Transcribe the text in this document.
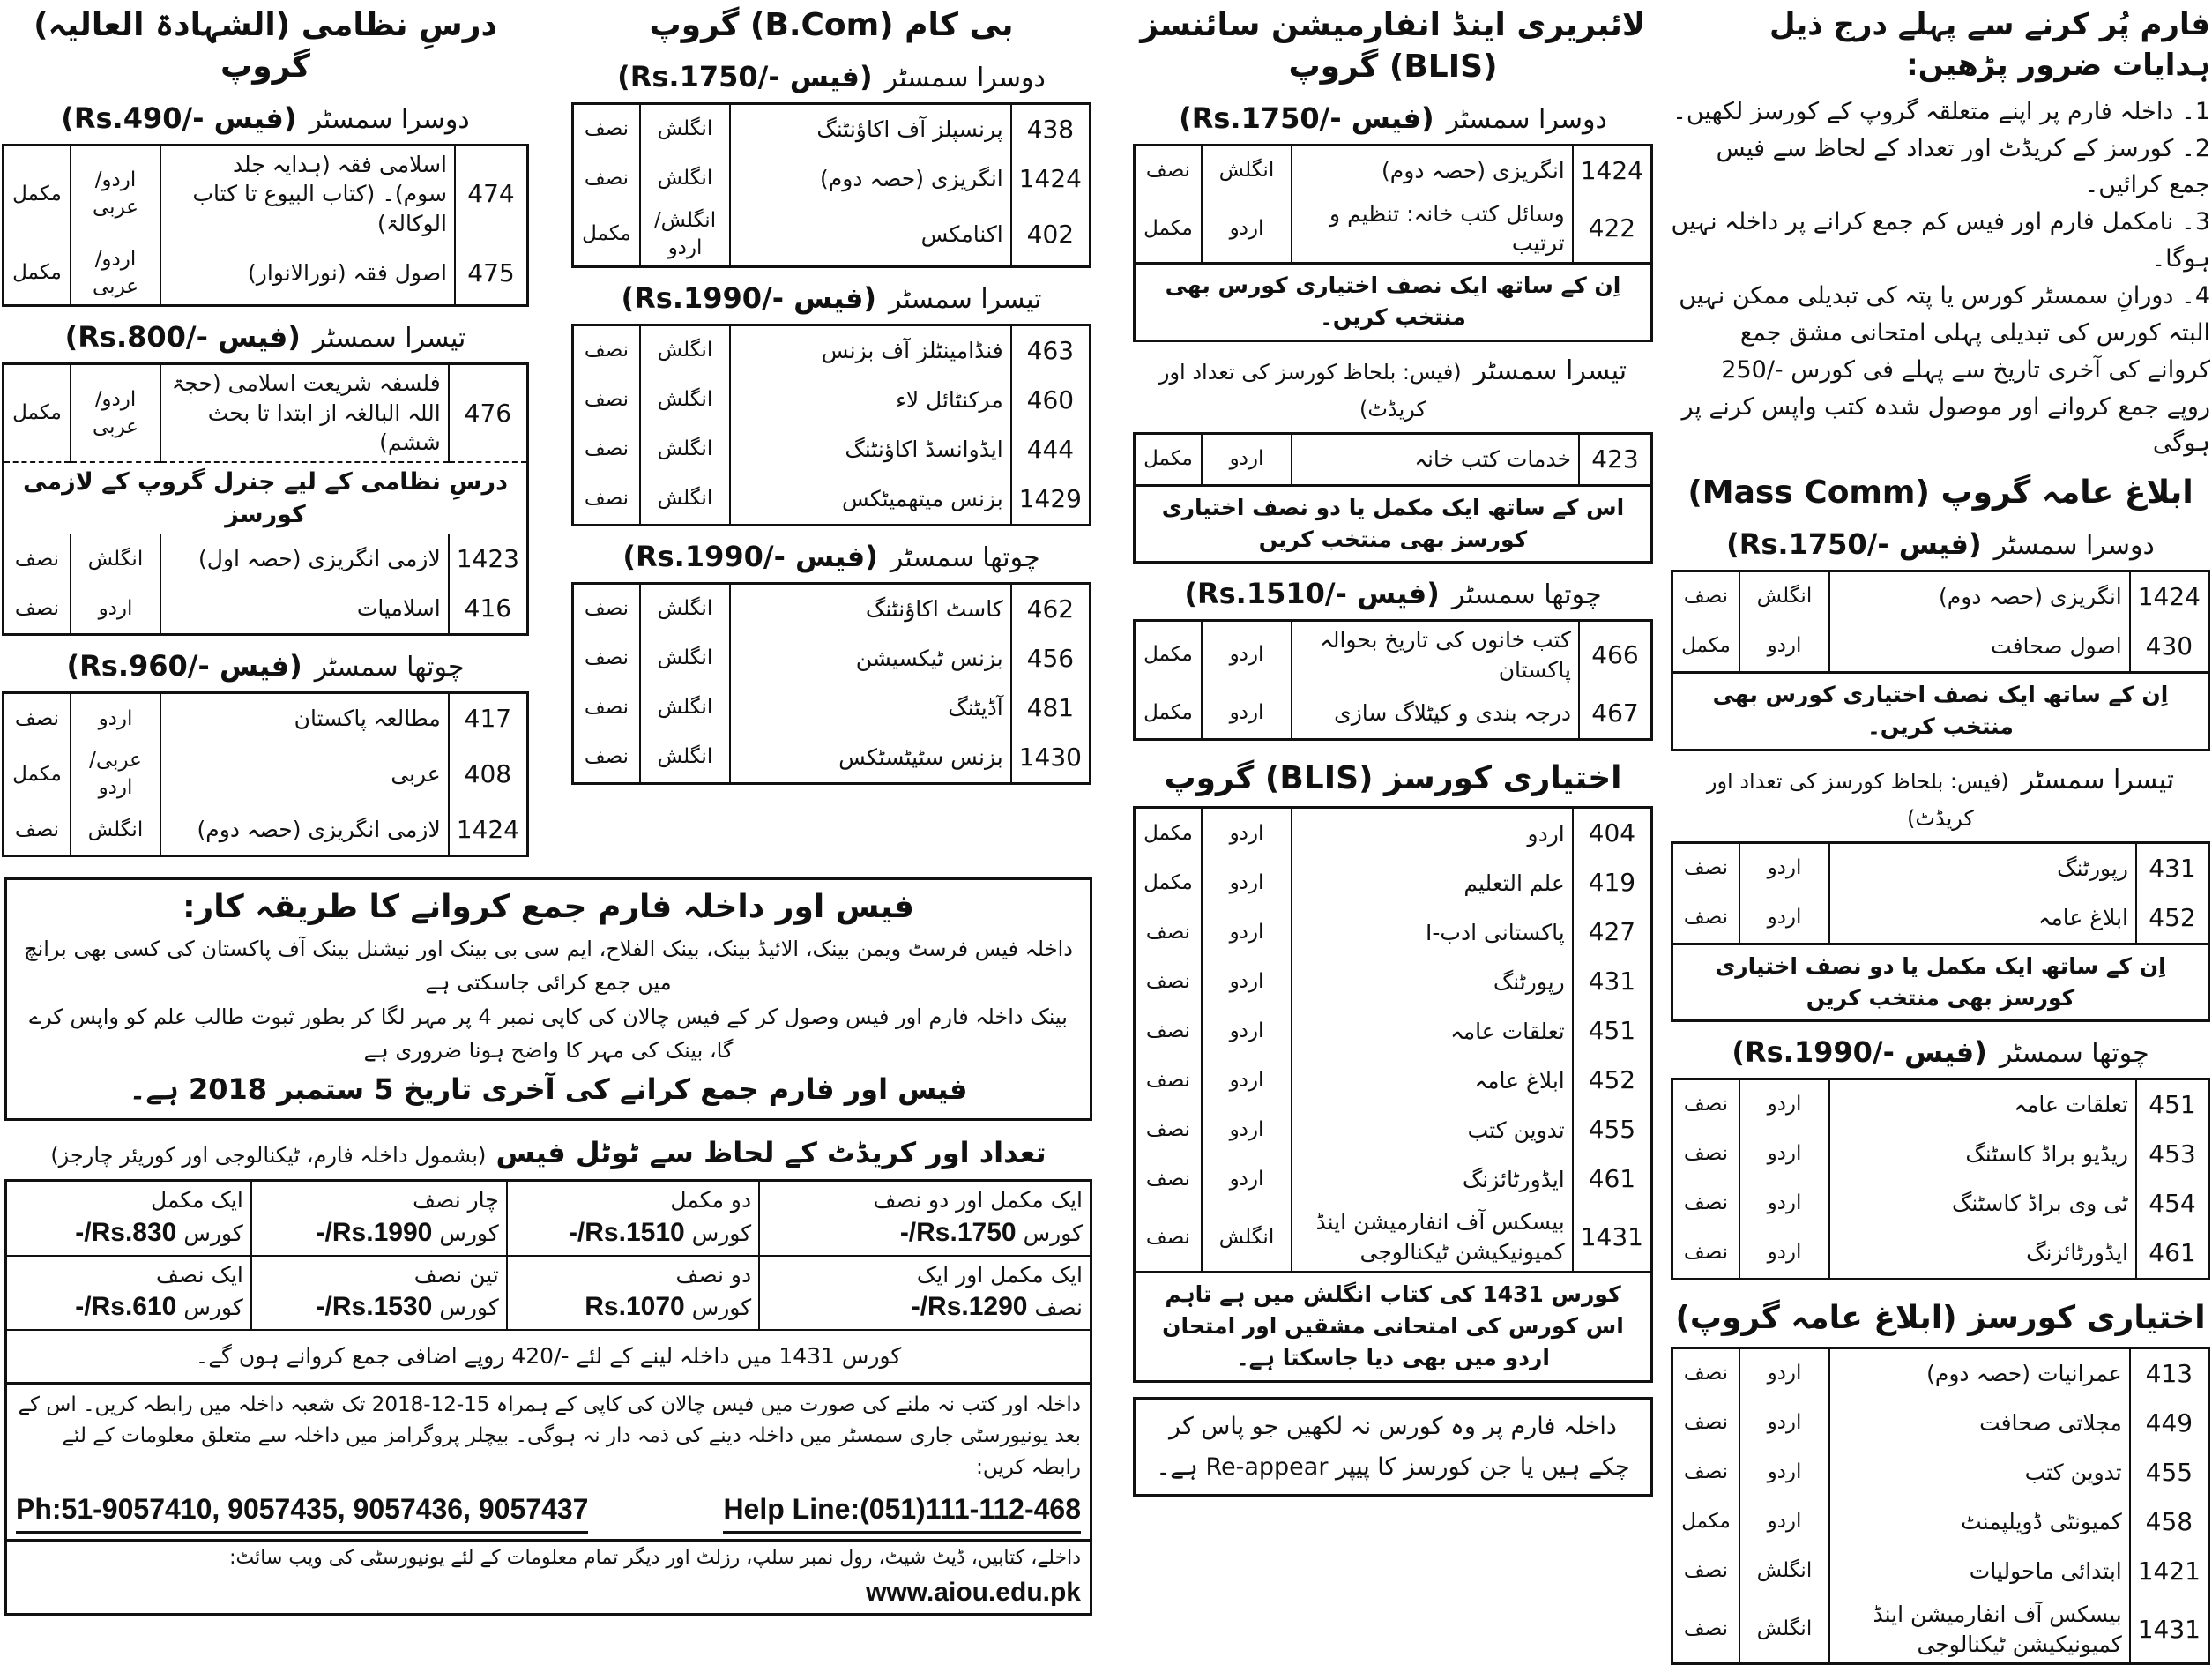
فارم پُر کرنے سے پہلے درج ذیل ہدایات ضرور پڑھیں:
1۔ داخلہ فارم پر اپنے متعلقہ گروپ کے کورسز لکھیں۔
2۔ کورسز کے کریڈٹ اور تعداد کے لحاظ سے فیس جمع کرائیں۔
3۔ نامکمل فارم اور فیس کم جمع کرانے پر داخلہ نہیں ہوگا۔
4۔ دورانِ سمسٹر کورس یا پتہ کی تبدیلی ممکن نہیں البتہ کورس کی تبدیلی پہلی امتحانی مشق جمع کروانے کی آخری تاریخ سے پہلے فی کورس -/250 روپے جمع کروانے اور موصول شدہ کتب واپس کرنے پر ہوگی
ابلاغ عامہ گروپ (Mass Comm)
دوسرا سمسٹر(فیس -/Rs.1750)
1424	انگریزی (حصہ دوم)	انگلش	نصف
430	اصول صحافت	اردو	مکمل
اِن کے ساتھ ایک نصف اختیاری کورس بھی منتخب کریں۔
تیسرا سمسٹر(فیس: بلحاظ کورسز کی تعداد اور کریڈٹ)
431	رپورٹنگ	اردو	نصف
452	ابلاغ عامہ	اردو	نصف
اِن کے ساتھ ایک مکمل یا دو نصف اختیاری کورسز بھی منتخب کریں
چوتھا سمسٹر(فیس -/Rs.1990)
451	تعلقات عامہ	اردو	نصف
453	ریڈیو براڈ کاسٹنگ	اردو	نصف
454	ٹی وی براڈ کاسٹنگ	اردو	نصف
461	ایڈورٹائزنگ	اردو	نصف
اختیاری کورسز (ابلاغ عامہ گروپ)
413	عمرانیات (حصہ دوم)	اردو	نصف
449	مجلاتی صحافت	اردو	نصف
455	تدوین کتب	اردو	نصف
458	کمیونٹی ڈویلپمنٹ	اردو	مکمل
1421	ابتدائی ماحولیات	انگلش	نصف
1431	بیسکس آف انفارمیشن اینڈ کمیونیکیشن ٹیکنالوجی	انگلش	نصف
لائبریری اینڈ انفارمیشن سائنسز (BLIS) گروپ
دوسرا سمسٹر(فیس -/Rs.1750)
1424	انگریزی (حصہ دوم)	انگلش	نصف
422	وسائل کتب خانہ: تنظیم و ترتیب	اردو	مکمل
اِن کے ساتھ ایک نصف اختیاری کورس بھی منتخب کریں۔
تیسرا سمسٹر(فیس: بلحاظ کورسز کی تعداد اور کریڈٹ)
423	خدمات کتب خانہ	اردو	مکمل
اس کے ساتھ ایک مکمل یا دو نصف اختیاری کورسز بھی منتخب کریں
چوتھا سمسٹر(فیس -/Rs.1510)
466	کتب خانوں کی تاریخ بحوالہ پاکستان	اردو	مکمل
467	درجہ بندی و کیٹلاگ سازی	اردو	مکمل
اختیاری کورسز (BLIS) گروپ
404	اردو	اردو	مکمل
419	علم التعلیم	اردو	مکمل
427	پاکستانی ادب-I	اردو	نصف
431	رپورٹنگ	اردو	نصف
451	تعلقات عامہ	اردو	نصف
452	ابلاغ عامہ	اردو	نصف
455	تدوین کتب	اردو	نصف
461	ایڈورٹائزنگ	اردو	نصف
1431	بیسکس آف انفارمیشن اینڈ کمیونیکیشن ٹیکنالوجی	انگلش	نصف
کورس 1431 کی کتاب انگلش میں ہے تاہم اس کورس کی امتحانی مشقیں اور امتحان اردو میں بھی دیا جاسکتا ہے۔
داخلہ فارم پر وہ کورس نہ لکھیں جو پاس کر چکے ہیں یا جن کورسز کا پیپر Re-appear ہے۔
بی کام (B.Com) گروپ
دوسرا سمسٹر(فیس -/Rs.1750)
438	پرنسپلز آف اکاؤنٹنگ	انگلش	نصف
1424	انگریزی (حصہ دوم)	انگلش	نصف
402	اکنامکس	انگلش/اردو	مکمل
تیسرا سمسٹر(فیس -/Rs.1990)
463	فنڈامینٹلز آف بزنس	انگلش	نصف
460	مرکنٹائل لاء	انگلش	نصف
444	ایڈوانسڈ اکاؤنٹنگ	انگلش	نصف
1429	بزنس میتھمیٹکس	انگلش	نصف
چوتھا سمسٹر(فیس -/Rs.1990)
462	کاسٹ اکاؤنٹنگ	انگلش	نصف
456	بزنس ٹیکسیشن	انگلش	نصف
481	آڈیٹنگ	انگلش	نصف
1430	بزنس سٹیٹسٹکس	انگلش	نصف
درسِ نظامی (الشہادۃ العالیہ) گروپ
دوسرا سمسٹر(فیس -/Rs.490)
474	اسلامی فقہ (ہدایہ جلد سوم)۔ (کتاب البیوع تا کتاب الوکالۃ)	اردو/عربی	مکمل
475	اصول فقہ (نورالانوار)	اردو/عربی	مکمل
تیسرا سمسٹر(فیس -/Rs.800)
476	فلسفہ شریعت اسلامی (حجۃ اللہ البالغہ از ابتدا تا بحث ششم)	اردو/عربی	مکمل
درسِ نظامی کے لیے جنرل گروپ کے لازمی کورسز			
1423	لازمی انگریزی (حصہ اول)	انگلش	نصف
416	اسلامیات	اردو	نصف
چوتھا سمسٹر(فیس -/Rs.960)
417	مطالعہ پاکستان	اردو	نصف
408	عربی	عربی/اردو	مکمل
1424	لازمی انگریزی (حصہ دوم)	انگلش	نصف
فیس اور داخلہ فارم جمع کروانے کا طریقہ کار:
داخلہ فیس فرسٹ ویمن بینک، الائیڈ بینک، بینک الفلاح، ایم سی بی بینک اور نیشنل بینک آف پاکستان کی کسی بھی برانچ میں جمع کرائی جاسکتی ہے
بینک داخلہ فارم اور فیس وصول کر کے فیس چالان کی کاپی نمبر 4 پر مہر لگا کر بطور ثبوت طالب علم کو واپس کرے گا، بینک کی مہر کا واضح ہونا ضروری ہے
فیس اور فارم جمع کرانے کی آخری تاریخ 5 ستمبر 2018 ہے۔
تعداد اور کریڈٹ کے لحاظ سے ٹوٹل فیس (بشمول داخلہ فارم، ٹیکنالوجی اور کوریئر چارجز)
ایک مکمل اور دو نصف کورسRs.1750/-	دو مکمل کورسRs.1510/-	چار نصف کورسRs.1990/-	ایک مکمل کورسRs.830/-
ایک مکمل اور ایک نصفRs.1290/-	دو نصف کورسRs.1070	تین نصف کورسRs.1530/-	ایک نصف کورسRs.610/-
کورس 1431 میں داخلہ لینے کے لئے -/420 روپے اضافی جمع کروانے ہوں گے۔			
داخلہ اور کتب نہ ملنے کی صورت میں فیس چالان کی کاپی کے ہمراہ 15-12-2018 تک شعبہ داخلہ میں رابطہ کریں۔ اس کے بعد یونیورسٹی جاری سمسٹر میں داخلہ دینے کی ذمہ دار نہ ہوگی۔ بیچلر پروگرامز میں داخلہ سے متعلق معلومات کے لئے رابطہ کریں:
Help Line:(051)111-112-468
Ph:51-9057410, 9057435, 9057436, 9057437
داخلے، کتابیں، ڈیٹ شیٹ، رول نمبر سلپ، رزلٹ اور دیگر تمام معلومات کے لئے یونیورسٹی کی ویب سائٹ:
www.aiou.edu.pk
